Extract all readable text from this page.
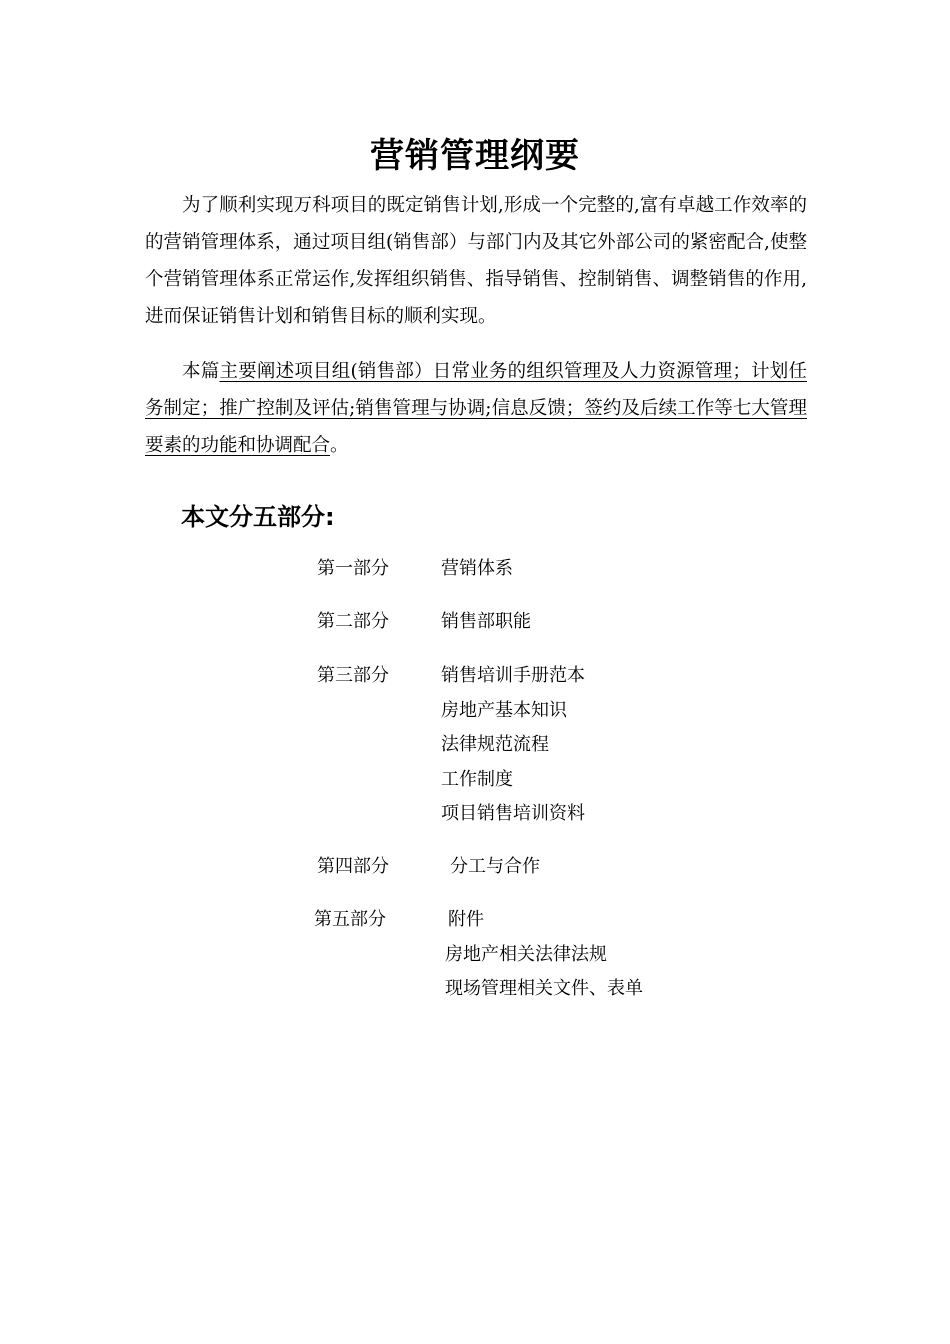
营销管理纲要

为了顺利实现万科项目的既定销售计划,形成一个完整的,富有卓越工作效率的的营销管理体系，通过项目组(销售部）与部门内及其它外部公司的紧密配合,使整个营销管理体系正常运作,发挥组织销售、指导销售、控制销售、调整销售的作用,进而保证销售计划和销售目标的顺利实现。

本篇主要阐述项目组(销售部）日常业务的组织管理及人力资源管理；计划任务制定；推广控制及评估;销售管理与协调;信息反馈；签约及后续工作等七大管理要素的功能和协调配合。

本文分五部分:
第一部分	营销体系
第二部分	销售部职能
第三部分	销售培训手册范本
房地产基本知识
法律规范流程
工作制度
项目销售培训资料
第四部分	分工与合作
第五部分	附件
房地产相关法律法规
现场管理相关文件、表单
